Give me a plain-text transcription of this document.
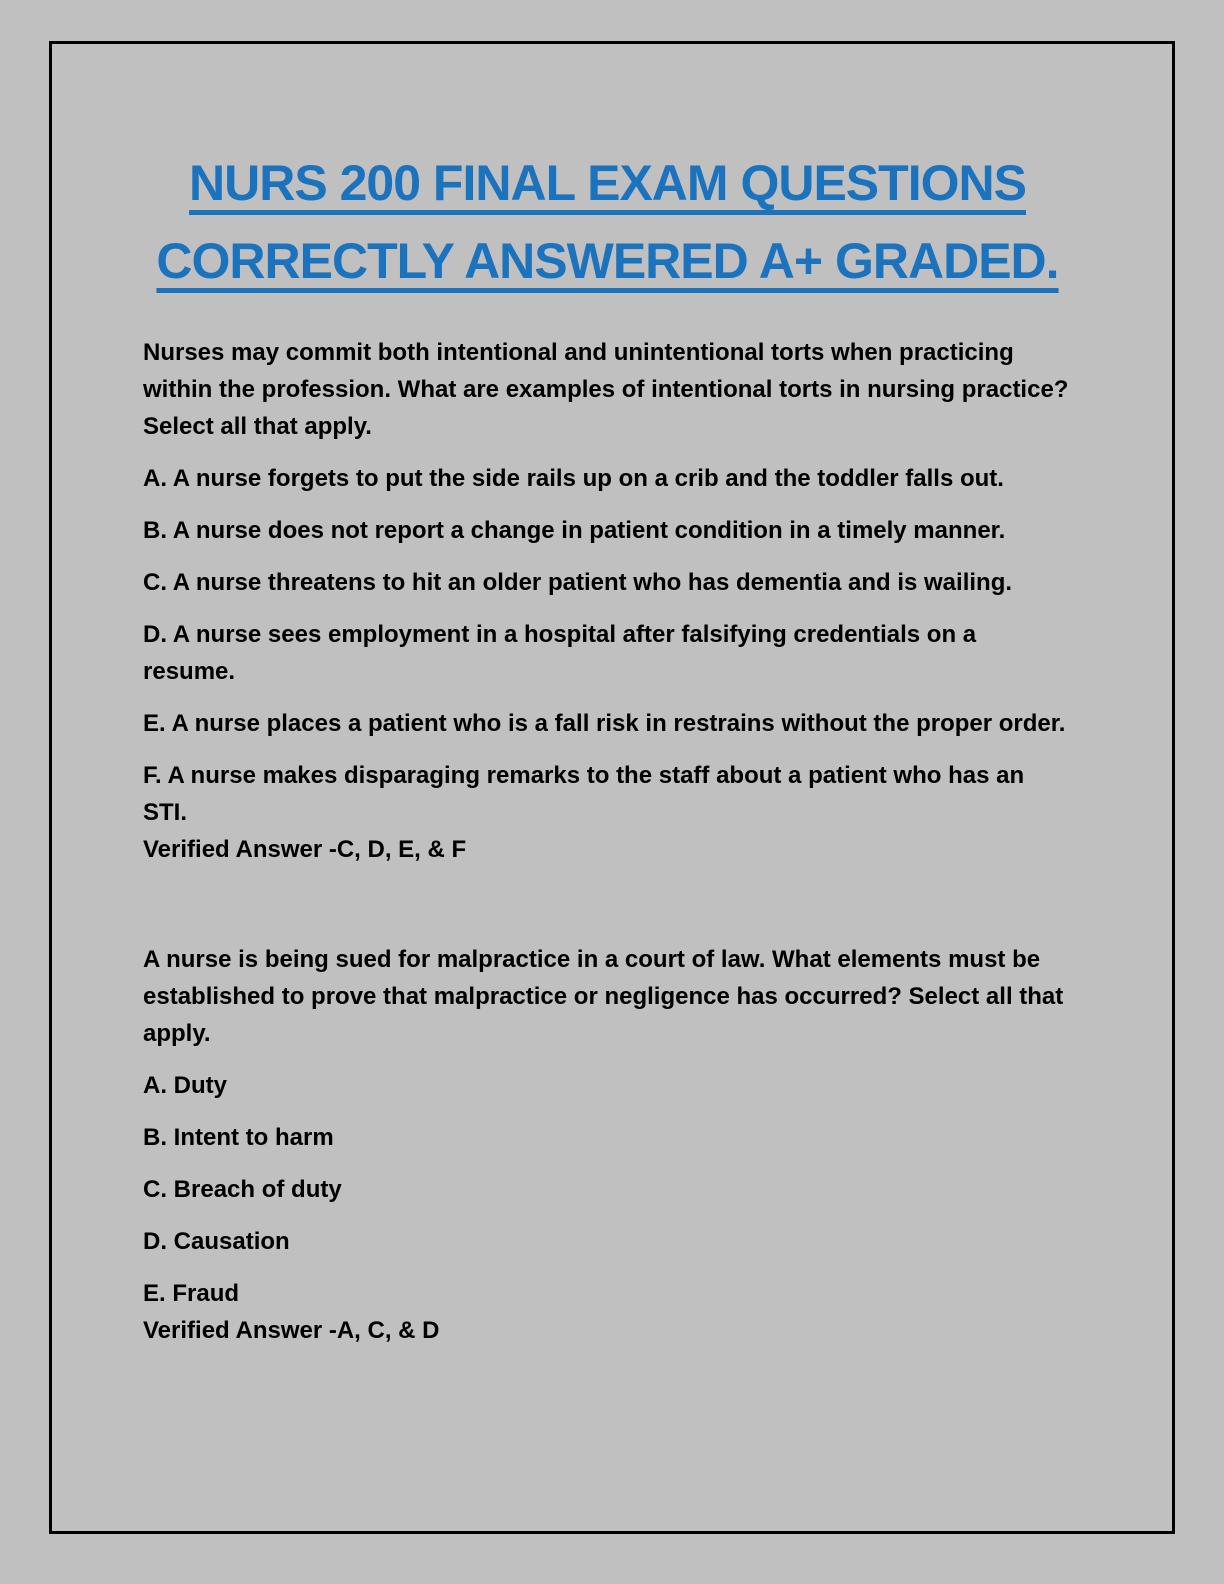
NURS 200 FINAL EXAM QUESTIONS
CORRECTLY ANSWERED A+ GRADED.

Nurses may commit both intentional and unintentional torts when practicing within the profession. What are examples of intentional torts in nursing practice? Select all that apply.

A. A nurse forgets to put the side rails up on a crib and the toddler falls out.

B. A nurse does not report a change in patient condition in a timely manner.

C. A nurse threatens to hit an older patient who has dementia and is wailing.

D. A nurse sees employment in a hospital after falsifying credentials on a resume.

E. A nurse places a patient who is a fall risk in restrains without the proper order.

F. A nurse makes disparaging remarks to the staff about a patient who has an STI.

Verified Answer -C, D, E, & F

A nurse is being sued for malpractice in a court of law. What elements must be established to prove that malpractice or negligence has occurred? Select all that apply.

A. Duty

B. Intent to harm

C. Breach of duty

D. Causation

E. Fraud

Verified Answer -A, C, & D
